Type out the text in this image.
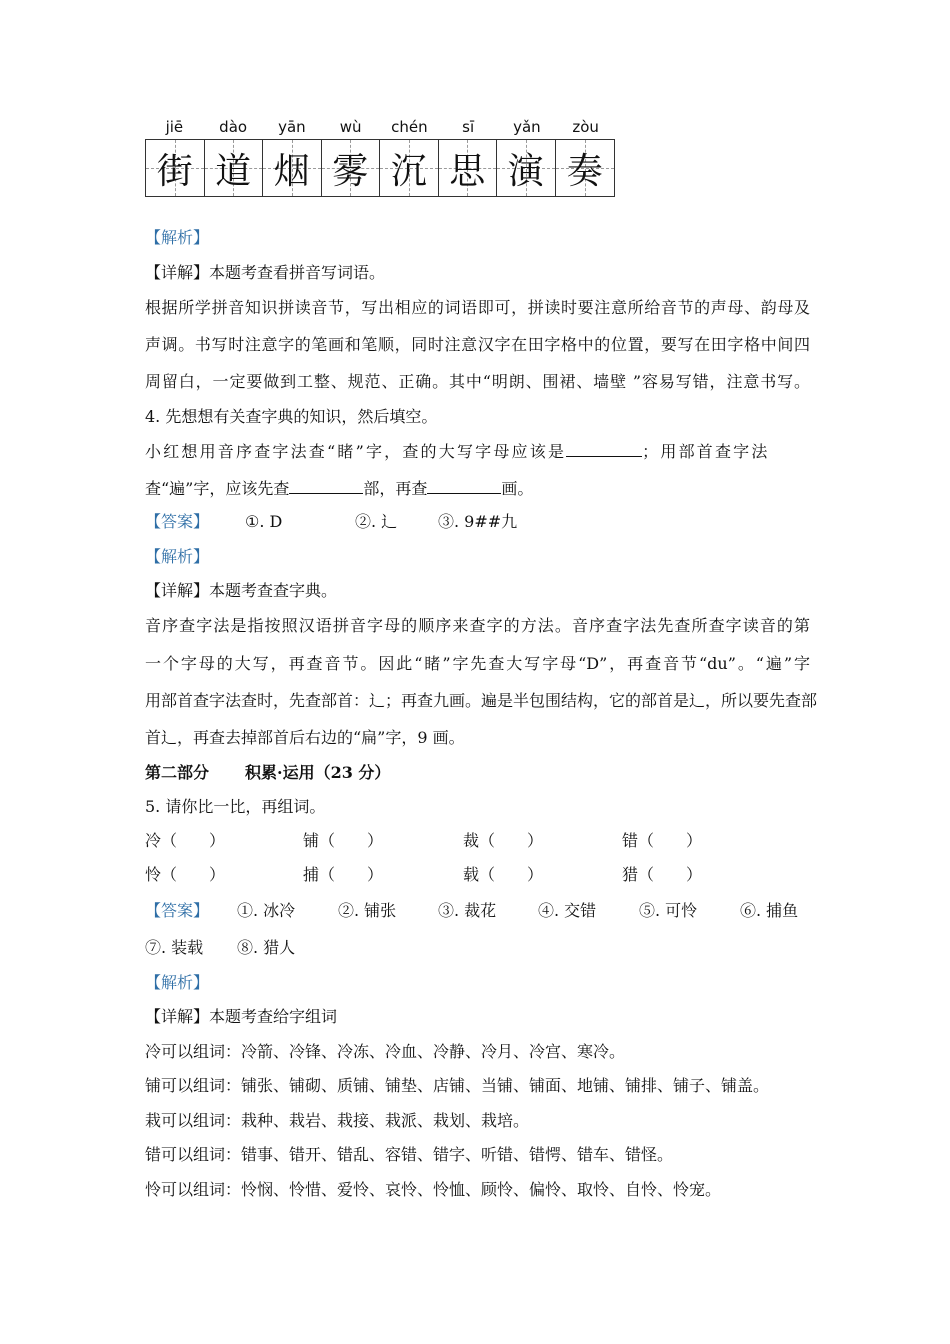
jiē	dào	yān	wù	chén	sī	yǎn	zòu
街 道 烟 雾 沉 思 演 奏
【解析】
【详解】本题考查看拼音写词语。
根据所学拼音知识拼读音节，写出相应的词语即可，拼读时要注意所给音节的声母、韵母及
声调。书写时注意字的笔画和笔顺，同时注意汉字在田字格中的位置，要写在田字格中间四
周留白，一定要做到工整、规范、正确。其中“明朗、围裙、墙壁 ”容易写错，注意书写。
4. 先想想有关查字典的知识，然后填空。
小红想用音序查字法查“睹”字，查的大写字母应该是	；用部首查字法
查“遍”字，应该先查	部，再查	画。
【答案】 ①. D	②. 辶	③. 9##九
【解析】
【详解】本题考查查字典。
音序查字法是指按照汉语拼音字母的顺序来查字的方法。音序查字法先查所查字读音的第
一个字母的大写，再查音节。因此“睹”字先查大写字母“D”，再查音节“du”。“遍”字
用部首查字法查时，先查部首：辶；再查九画。遍是半包围结构，它的部首是辶，所以要先查部
首辶，再查去掉部首后右边的“扁”字，9 画。
第二部分 积累·运用（23 分）
5. 请你比一比，再组词。
冷（　　）	铺（　　）	裁（　　）	错（　　）
怜（　　）	捕（　　）	载（　　）	猎（　　）
【答案】 ①. 冰冷	②. 铺张	③. 裁花	④. 交错	⑤. 可怜	⑥. 捕鱼
⑦. 装载 ⑧. 猎人
【解析】
【详解】本题考查给字组词
冷可以组词：冷箭、冷锋、冷冻、冷血、冷静、冷月、冷宫、寒冷。
铺可以组词：铺张、铺砌、质铺、铺垫、店铺、当铺、铺面、地铺、铺排、铺子、铺盖。
栽可以组词：栽种、栽岩、栽接、栽派、栽划、栽培。
错可以组词：错事、错开、错乱、容错、错字、听错、错愕、错车、错怪。
怜可以组词：怜悯、怜惜、爱怜、哀怜、怜恤、顾怜、偏怜、取怜、自怜、怜宠。
